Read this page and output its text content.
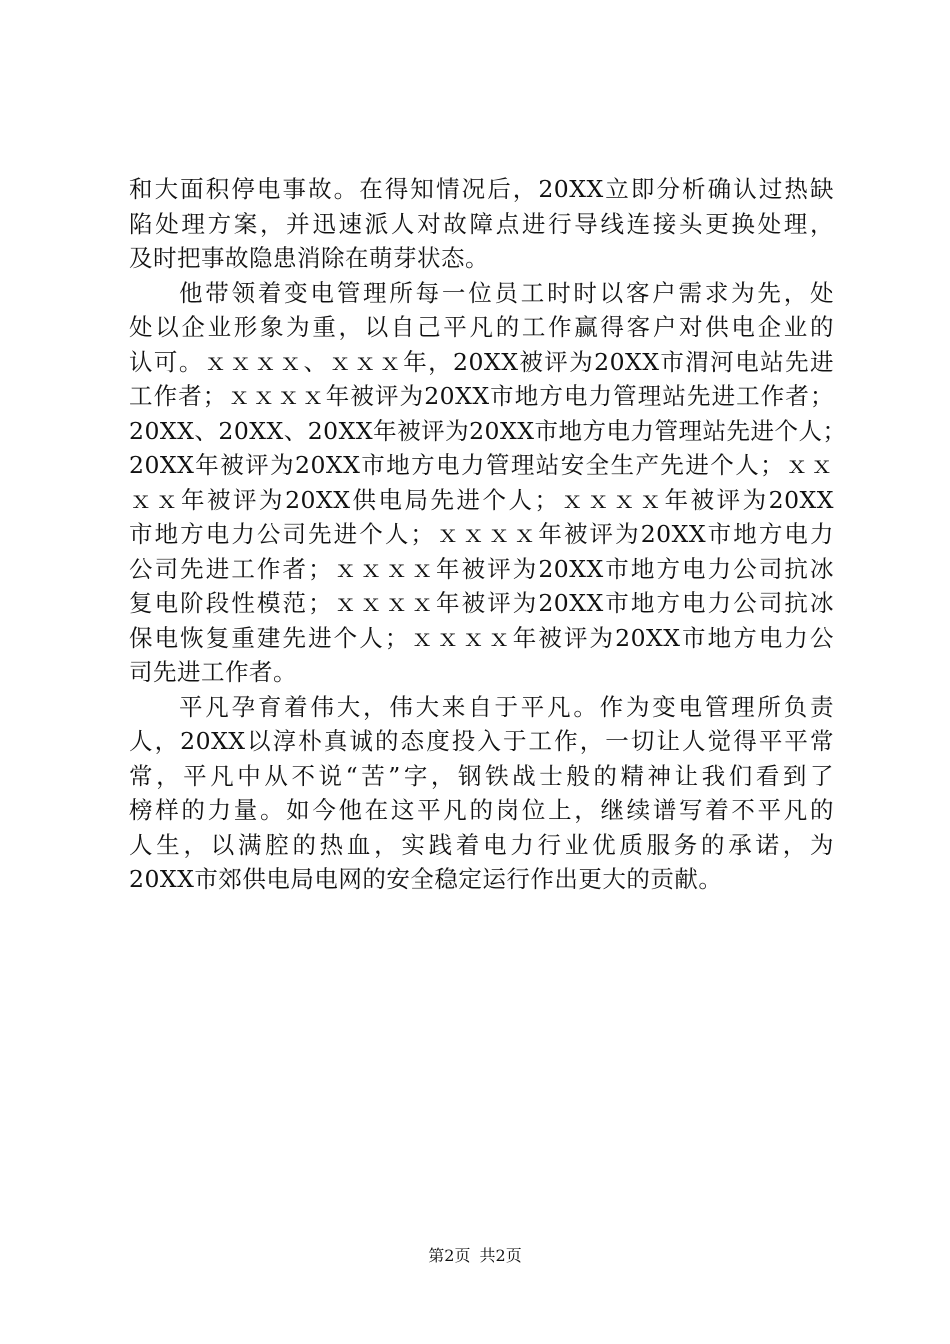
和大面积停电事故。在得知情况后，20XX立即分析确认过热缺
陷处理方案，并迅速派人对故障点进行导线连接头更换处理，
及时把事故隐患消除在萌芽状态。
他带领着变电管理所每一位员工时时以客户需求为先，处
处以企业形象为重，以自己平凡的工作赢得客户对供电企业的
认可。ｘｘｘｘ、ｘｘｘ年，20XX被评为20XX市渭河电站先进
工作者；ｘｘｘｘ年被评为20XX市地方电力管理站先进工作者；
20XX、20XX、20XX年被评为20XX市地方电力管理站先进个人；
20XX年被评为20XX市地方电力管理站安全生产先进个人；ｘｘ
ｘｘ年被评为20XX供电局先进个人；ｘｘｘｘ年被评为20XX
市地方电力公司先进个人；ｘｘｘｘ年被评为20XX市地方电力
公司先进工作者；ｘｘｘｘ年被评为20XX市地方电力公司抗冰
复电阶段性模范；ｘｘｘｘ年被评为20XX市地方电力公司抗冰
保电恢复重建先进个人；ｘｘｘｘ年被评为20XX市地方电力公
司先进工作者。
平凡孕育着伟大，伟大来自于平凡。作为变电管理所负责
人，20XX以淳朴真诚的态度投入于工作，一切让人觉得平平常
常，平凡中从不说“苦”字，钢铁战士般的精神让我们看到了
榜样的力量。如今他在这平凡的岗位上，继续谱写着不平凡的
人生，以满腔的热血，实践着电力行业优质服务的承诺，为
20XX市郊供电局电网的安全稳定运行作出更大的贡献。
第2页 共2页
